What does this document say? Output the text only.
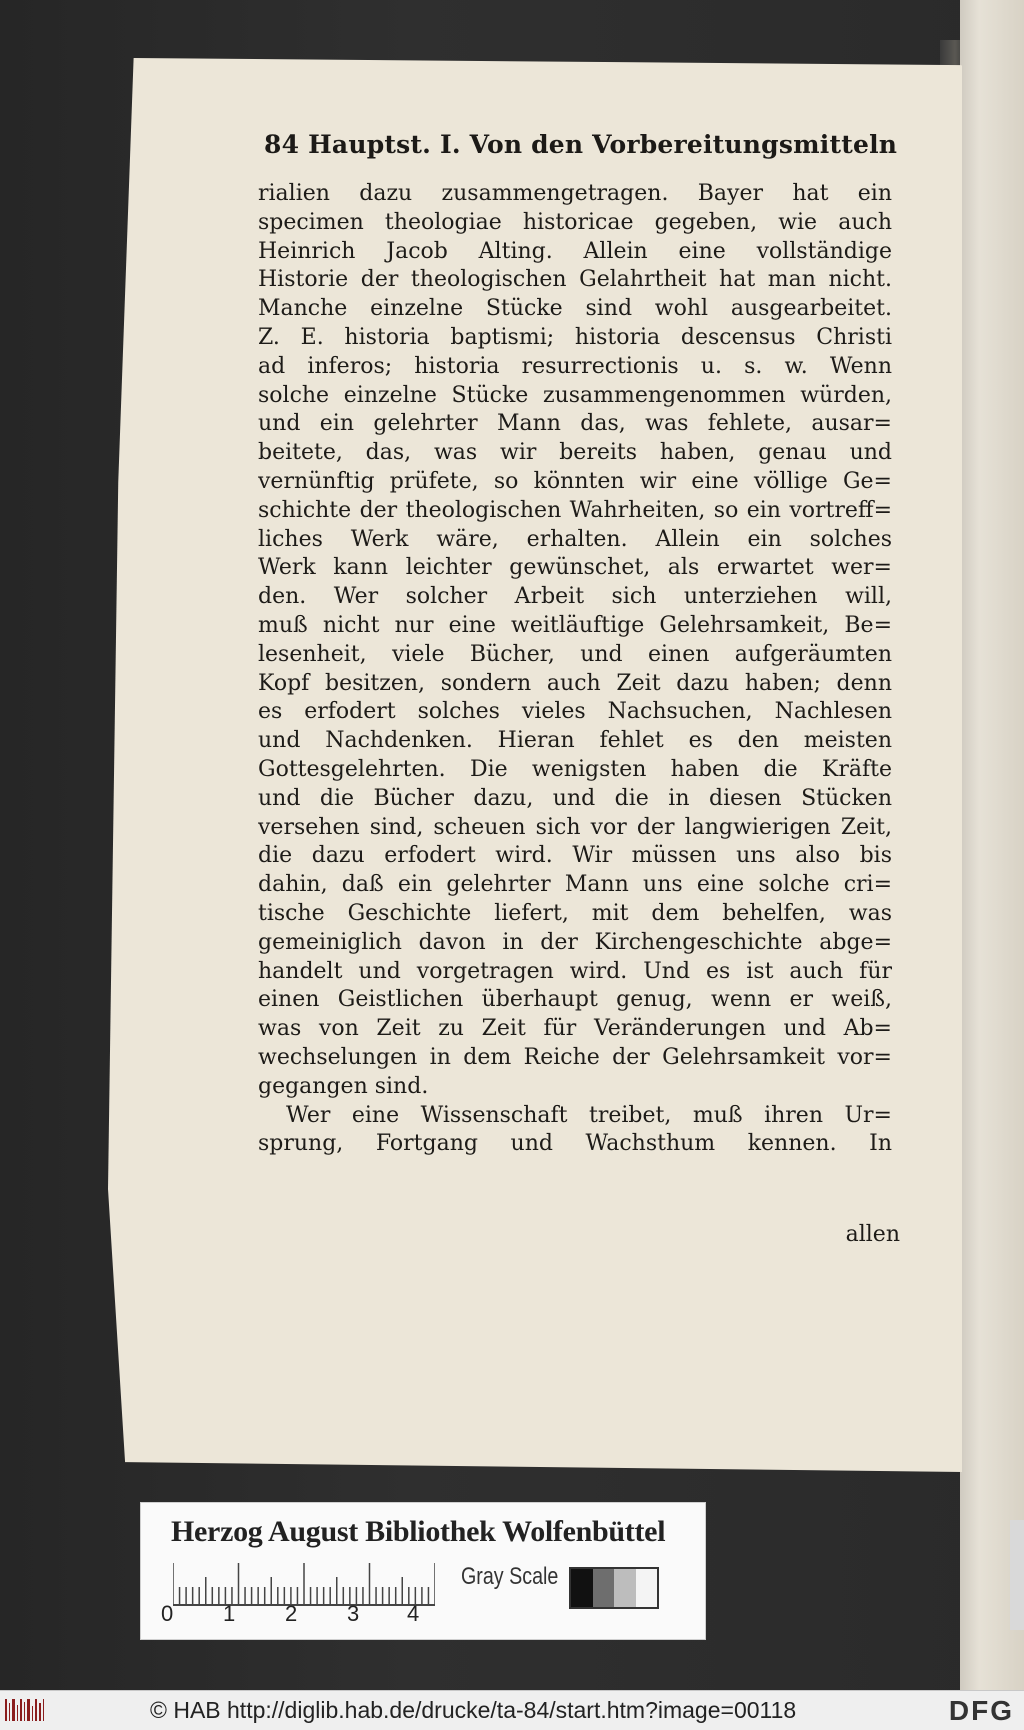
84 Hauptst. I. Von den Vorbereitungsmitteln
rialien dazu zusammengetragen. Bayer hat ein
specimen theologiae historicae gegeben, wie auch
Heinrich Jacob Alting. Allein eine vollständige
Historie der theologischen Gelahrtheit hat man nicht.
Manche einzelne Stücke sind wohl ausgearbeitet.
Z. E. historia baptismi; historia descensus Christi
ad inferos; historia resurrectionis u. s. w. Wenn
solche einzelne Stücke zusammengenommen würden,
und ein gelehrter Mann das, was fehlete, ausar=
beitete, das, was wir bereits haben, genau und
vernünftig prüfete, so könnten wir eine völlige Ge=
schichte der theologischen Wahrheiten, so ein vortreff=
liches Werk wäre, erhalten. Allein ein solches
Werk kann leichter gewünschet, als erwartet wer=
den. Wer solcher Arbeit sich unterziehen will,
muß nicht nur eine weitläuftige Gelehrsamkeit, Be=
lesenheit, viele Bücher, und einen aufgeräumten
Kopf besitzen, sondern auch Zeit dazu haben; denn
es erfodert solches vieles Nachsuchen, Nachlesen
und Nachdenken. Hieran fehlet es den meisten
Gottesgelehrten. Die wenigsten haben die Kräfte
und die Bücher dazu, und die in diesen Stücken
versehen sind, scheuen sich vor der langwierigen Zeit,
die dazu erfodert wird. Wir müssen uns also bis
dahin, daß ein gelehrter Mann uns eine solche cri=
tische Geschichte liefert, mit dem behelfen, was
gemeiniglich davon in der Kirchengeschichte abge=
handelt und vorgetragen wird. Und es ist auch für
einen Geistlichen überhaupt genug, wenn er weiß,
was von Zeit zu Zeit für Veränderungen und Ab=
wechselungen in dem Reiche der Gelehrsamkeit vor=
gegangen sind.
Wer eine Wissenschaft treibet, muß ihren Ur=
sprung, Fortgang und Wachsthum kennen. In
allen
Herzog August Bibliothek Wolfenbüttel
0 1 2 3 4
Gray Scale
© HAB http://diglib.hab.de/drucke/ta-84/start.htm?image=00118	DFG
